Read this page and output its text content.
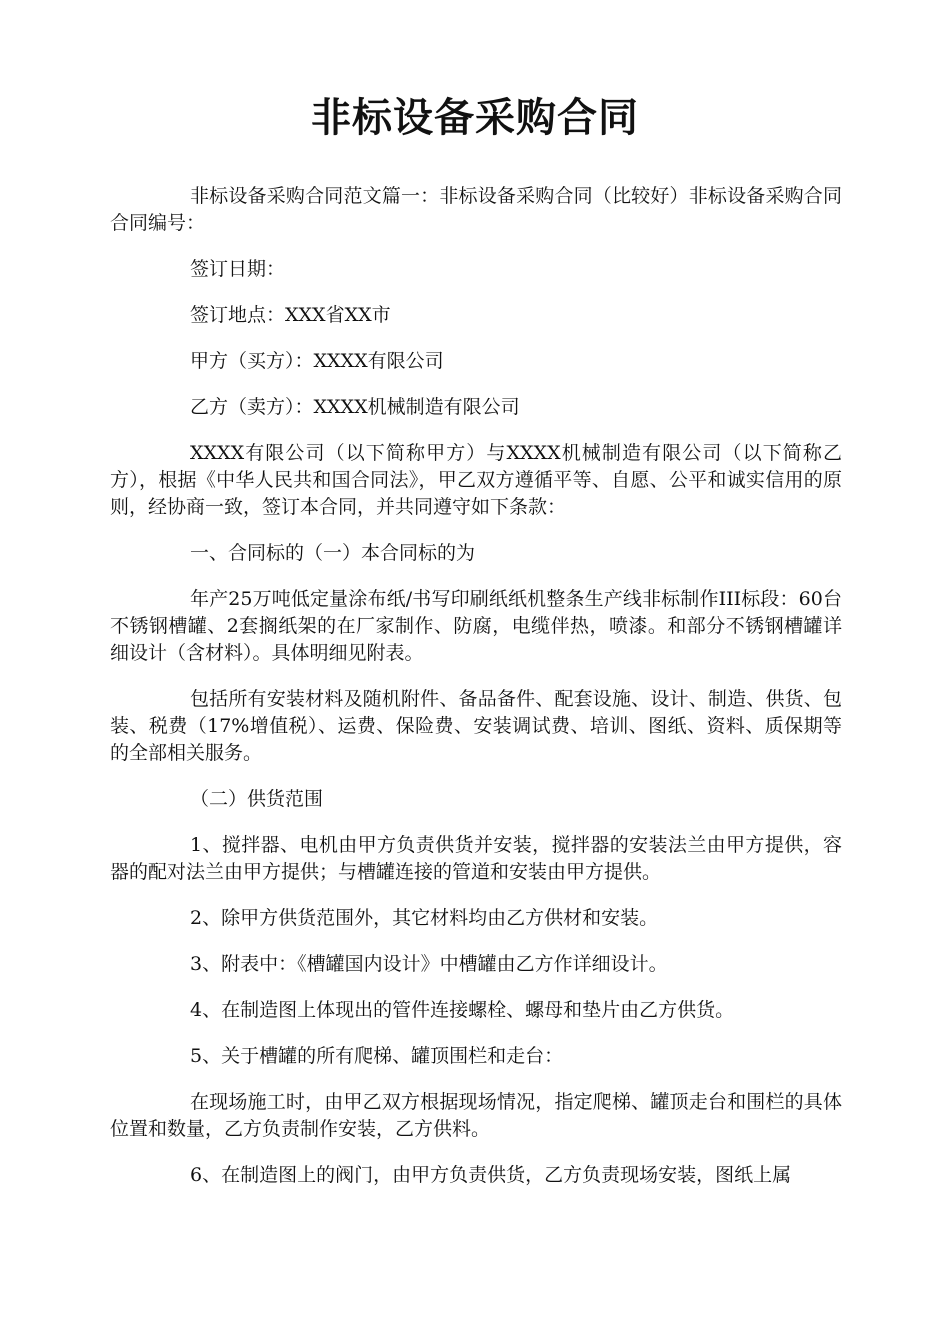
非标设备采购合同

非标设备采购合同范文篇一：非标设备采购合同（比较好）非标设备采购合同合同编号：

签订日期：

签订地点：XXX省XX市

甲方（买方）：XXXX有限公司

乙方（卖方）：XXXX机械制造有限公司

XXXX有限公司（以下简称甲方）与XXXX机械制造有限公司（以下简称乙方），根据《中华人民共和国合同法》，甲乙双方遵循平等、自愿、公平和诚实信用的原则，经协商一致，签订本合同，并共同遵守如下条款：

一、合同标的（一）本合同标的为

年产25万吨低定量涂布纸/书写印刷纸纸机整条生产线非标制作III标段：60台不锈钢槽罐、2套搁纸架的在厂家制作、防腐，电缆伴热，喷漆。和部分不锈钢槽罐详细设计（含材料）。具体明细见附表。

包括所有安装材料及随机附件、备品备件、配套设施、设计、制造、供货、包装、税费（17%增值税）、运费、保险费、安装调试费、培训、图纸、资料、质保期等的全部相关服务。

（二）供货范围

1、搅拌器、电机由甲方负责供货并安装，搅拌器的安装法兰由甲方提供，容器的配对法兰由甲方提供；与槽罐连接的管道和安装由甲方提供。

2、除甲方供货范围外，其它材料均由乙方供材和安装。

3、附表中：《槽罐国内设计》中槽罐由乙方作详细设计。

4、在制造图上体现出的管件连接螺栓、螺母和垫片由乙方供货。

5、关于槽罐的所有爬梯、罐顶围栏和走台：

在现场施工时，由甲乙双方根据现场情况，指定爬梯、罐顶走台和围栏的具体位置和数量，乙方负责制作安装，乙方供料。

6、在制造图上的阀门，由甲方负责供货，乙方负责现场安装，图纸上属
